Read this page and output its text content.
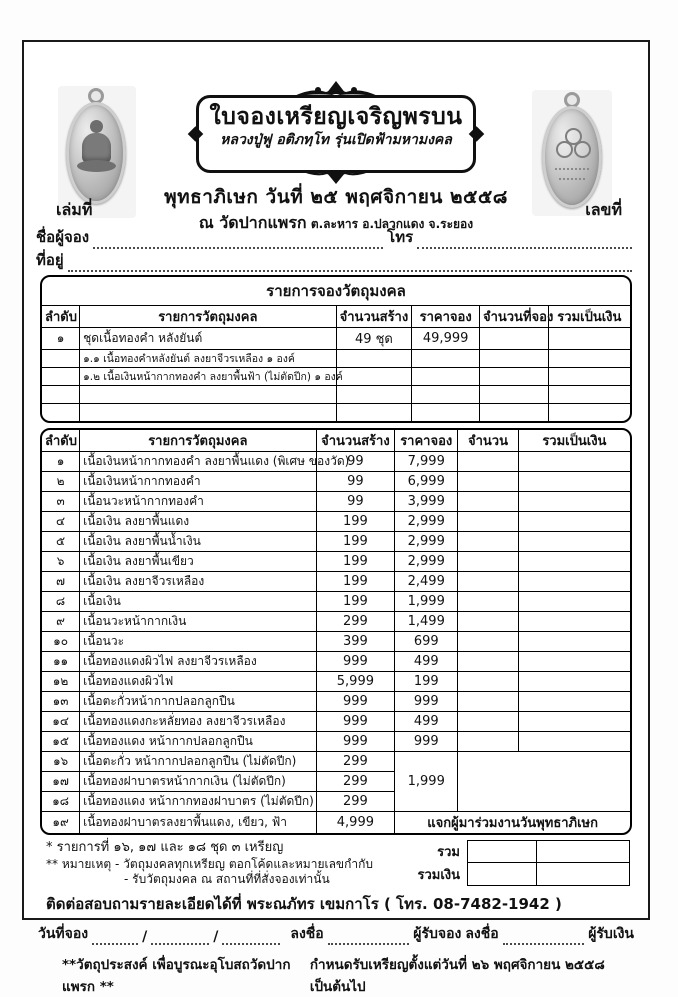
ใบจองเหรียญเจริญพรบน
หลวงปู่ฟู อติภทฺโท รุ่นเปิดฟ้ามหามงคล
พุทธาภิเษก วันที่ ๒๕ พฤศจิกายน ๒๕๕๘
ณ วัดปากแพรก ต.ละหาร อ.ปลวกแดง จ.ระยอง
เล่มที่	เลขที่
ชื่อผู้จอง	โทร
ที่อยู่
รายการจองวัตถุมงคล
ลำดับ	รายการวัตถุมงคล	จำนวนสร้าง	ราคาจอง	จำนวนที่จอง	รวมเป็นเงิน
๑	ชุดเนื้อทองคำ หลังยันต์	49 ชุด	49,999		
	๑.๑ เนื้อทองคำหลังยันต์ ลงยาจีวรเหลือง ๑ องค์				
	๑.๒ เนื้อเงินหน้ากากทองคำ ลงยาพื้นฟ้า (ไม่ตัดปีก) ๑ องค์				

ลำดับ	รายการวัตถุมงคล	จำนวนสร้าง	ราคาจอง	จำนวน	รวมเป็นเงิน
๑	เนื้อเงินหน้ากากทองคำ ลงยาพื้นแดง (พิเศษ ของวัด)	99	7,999		
๒	เนื้อเงินหน้ากากทองคำ	99	6,999		
๓	เนื้อนวะหน้ากากทองคำ	99	3,999		
๔	เนื้อเงิน ลงยาพื้นแดง	199	2,999		
๕	เนื้อเงิน ลงยาพื้นน้ำเงิน	199	2,999		
๖	เนื้อเงิน ลงยาพื้นเขียว	199	2,999		
๗	เนื้อเงิน ลงยาจีวรเหลือง	199	2,499		
๘	เนื้อเงิน	199	1,999		
๙	เนื้อนวะหน้ากากเงิน	299	1,499		
๑๐	เนื้อนวะ	399	699		
๑๑	เนื้อทองแดงผิวไฟ ลงยาจีวรเหลือง	999	499		
๑๒	เนื้อทองแดงผิวไฟ	5,999	199		
๑๓	เนื้อตะกั่วหน้ากากปลอกลูกปืน	999	999		
๑๔	เนื้อทองแดงกะหลั่ยทอง ลงยาจีวรเหลือง	999	499		
๑๕	เนื้อทองแดง หน้ากากปลอกลูกปืน	999	999		
๑๖	เนื้อตะกั่ว หน้ากากปลอกลูกปืน (ไม่ตัดปีก)	299	1,999		
๑๗	เนื้อทองฝาบาตรหน้ากากเงิน (ไม่ตัดปีก)	299			
๑๘	เนื้อทองแดง หน้ากากทองฝาบาตร (ไม่ตัดปีก)	299			
๑๙	เนื้อทองฝาบาตรลงยาพื้นแดง, เขียว, ฟ้า	4,999	แจกผู้มาร่วมงานวันพุทธาภิเษก		
* รายการที่ ๑๖, ๑๗ และ ๑๘ ชุด ๓ เหรียญ
** หมายเหตุ - วัตถุมงคลทุกเหรียญ ตอกโค้ดและหมายเลขกำกับ
- รับวัตถุมงคล ณ สถานที่ที่สั่งจองเท่านั้น
รวม
รวมเงิน
ติดต่อสอบถามรายละเอียดได้ที่ พระณภัทร เขมกาโร ( โทร. 08-7482-1942 )
วันที่จอง	/	/	ลงชื่อ	ผู้รับจอง ลงชื่อ	ผู้รับเงิน
**วัตถุประสงค์ เพื่อบูรณะอุโบสถวัดปากแพรก **
กำหนดรับเหรียญตั้งแต่วันที่ ๒๖ พฤศจิกายน ๒๕๕๘ เป็นต้นไป
